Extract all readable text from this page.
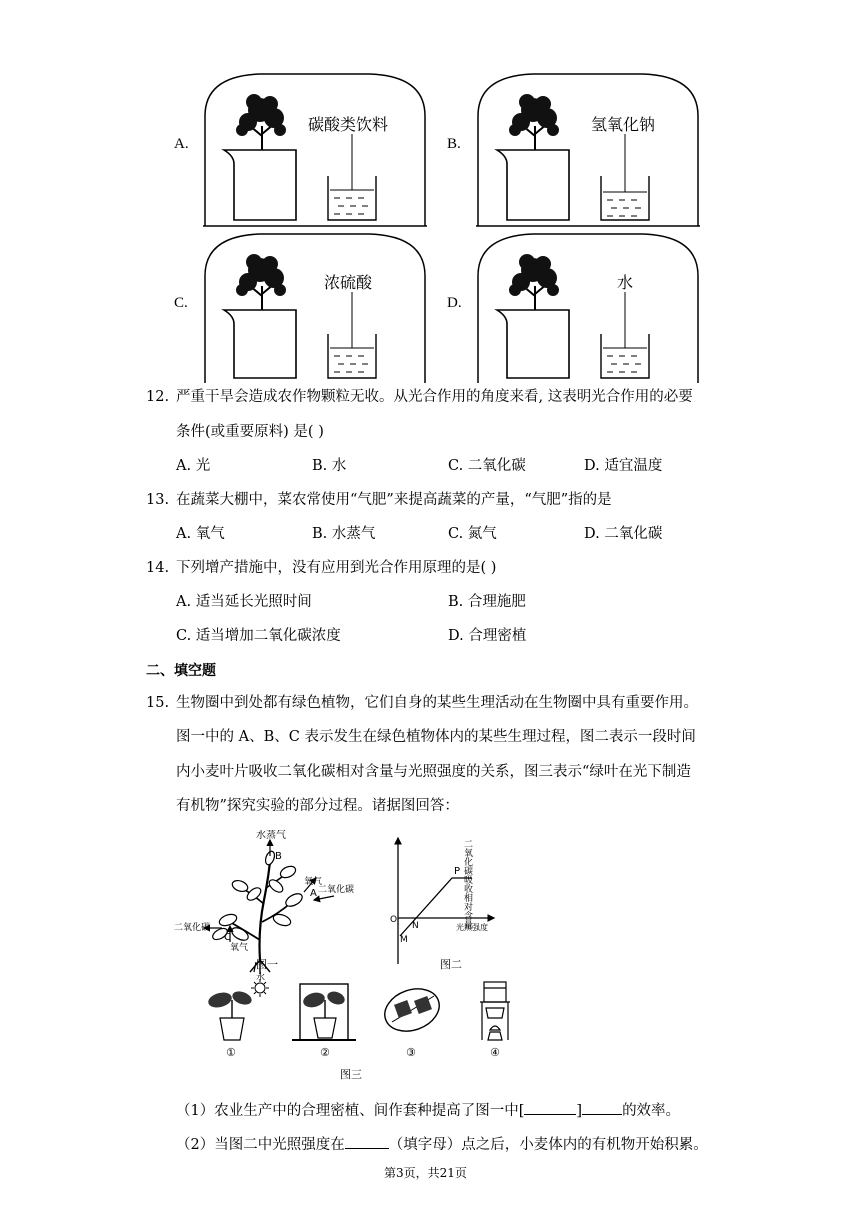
A.
碳酸类饮料
B.
氢氧化钠
C.
浓硫酸
D.
水
12. 严重干旱会造成农作物颗粒无收。从光合作用的角度来看, 这表明光合作用的必要
条件(或重要原料) 是( )
A. 光	B. 水	C. 二氧化碳	D. 适宜温度
13. 在蔬菜大棚中，菜农常使用“气肥”来提高蔬菜的产量，“气肥”指的是
A. 氧气	B. 水蒸气	C. 氮气	D. 二氧化碳
14. 下列增产措施中，没有应用到光合作用原理的是( )
A. 适当延长光照时间	B. 合理施肥
C. 适当增加二氧化碳浓度	D. 合理密植
二、填空题
15. 生物圈中到处都有绿色植物，它们自身的某些生理活动在生物圈中具有重要作用。
图一中的 A、B、C 表示发生在绿色植物体内的某些生理过程，图二表示一段时间
内小麦叶片吸收二氧化碳相对含量与光照强度的关系，图三表示“绿叶在光下制造
有机物”探究实验的部分过程。诸据图回答：
水蒸气
B
氧气
A 二氧化碳
二氧化碳
C
氧气
水
图一
二氧化碳吸收相对含量
P
O
N
M
光照强度
图二
①	②	③	④
图三
（1）农业生产中的合理密植、间作套种提高了图一中[	]	的效率。
（2）当图二中光照强度在	（填字母）点之后，小麦体内的有机物开始积累。
第3页，共21页
